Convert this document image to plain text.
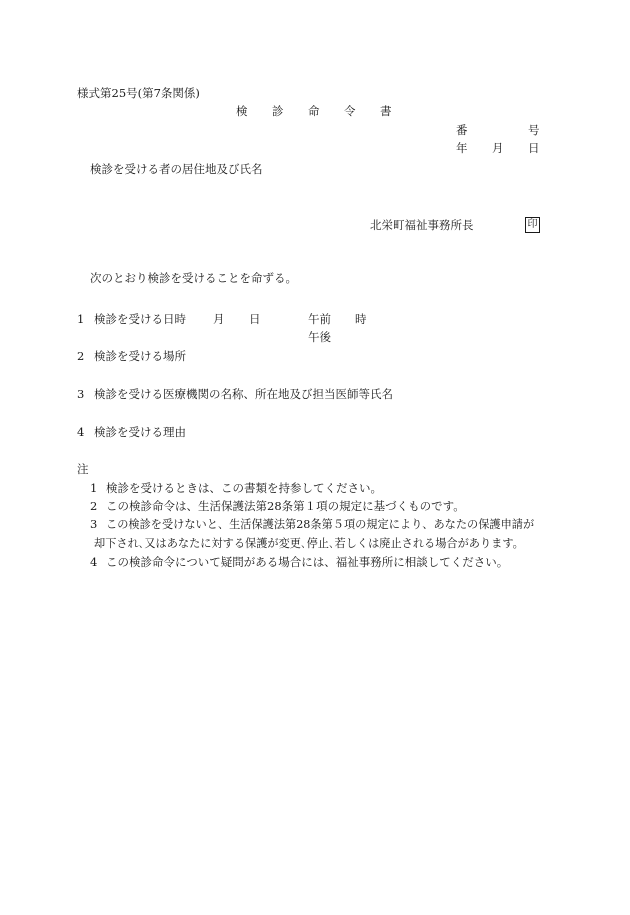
様式第25号(第7条関係)
検 診 命 令 書
番	号
年 月 日
検診を受ける者の居住地及び氏名
北栄町福祉事務所長	印
次のとおり検診を受けることを命ずる。
1 検診を受ける日時 月 日	午前 時
午後
2 検診を受ける場所
3 検診を受ける医療機関の名称、所在地及び担当医師等氏名
4 検診を受ける理由
注
1 検診を受けるときは、この書類を持参してください。
2 この検診命令は、生活保護法第28条第１項の規定に基づくものです。
3 この検診を受けないと、生活保護法第28条第５項の規定により、あなたの保護申請が
却下され､又はあなたに対する保護が変更､停止､若しくは廃止される場合があります。
4 この検診命令について疑問がある場合には、福祉事務所に相談してください。
